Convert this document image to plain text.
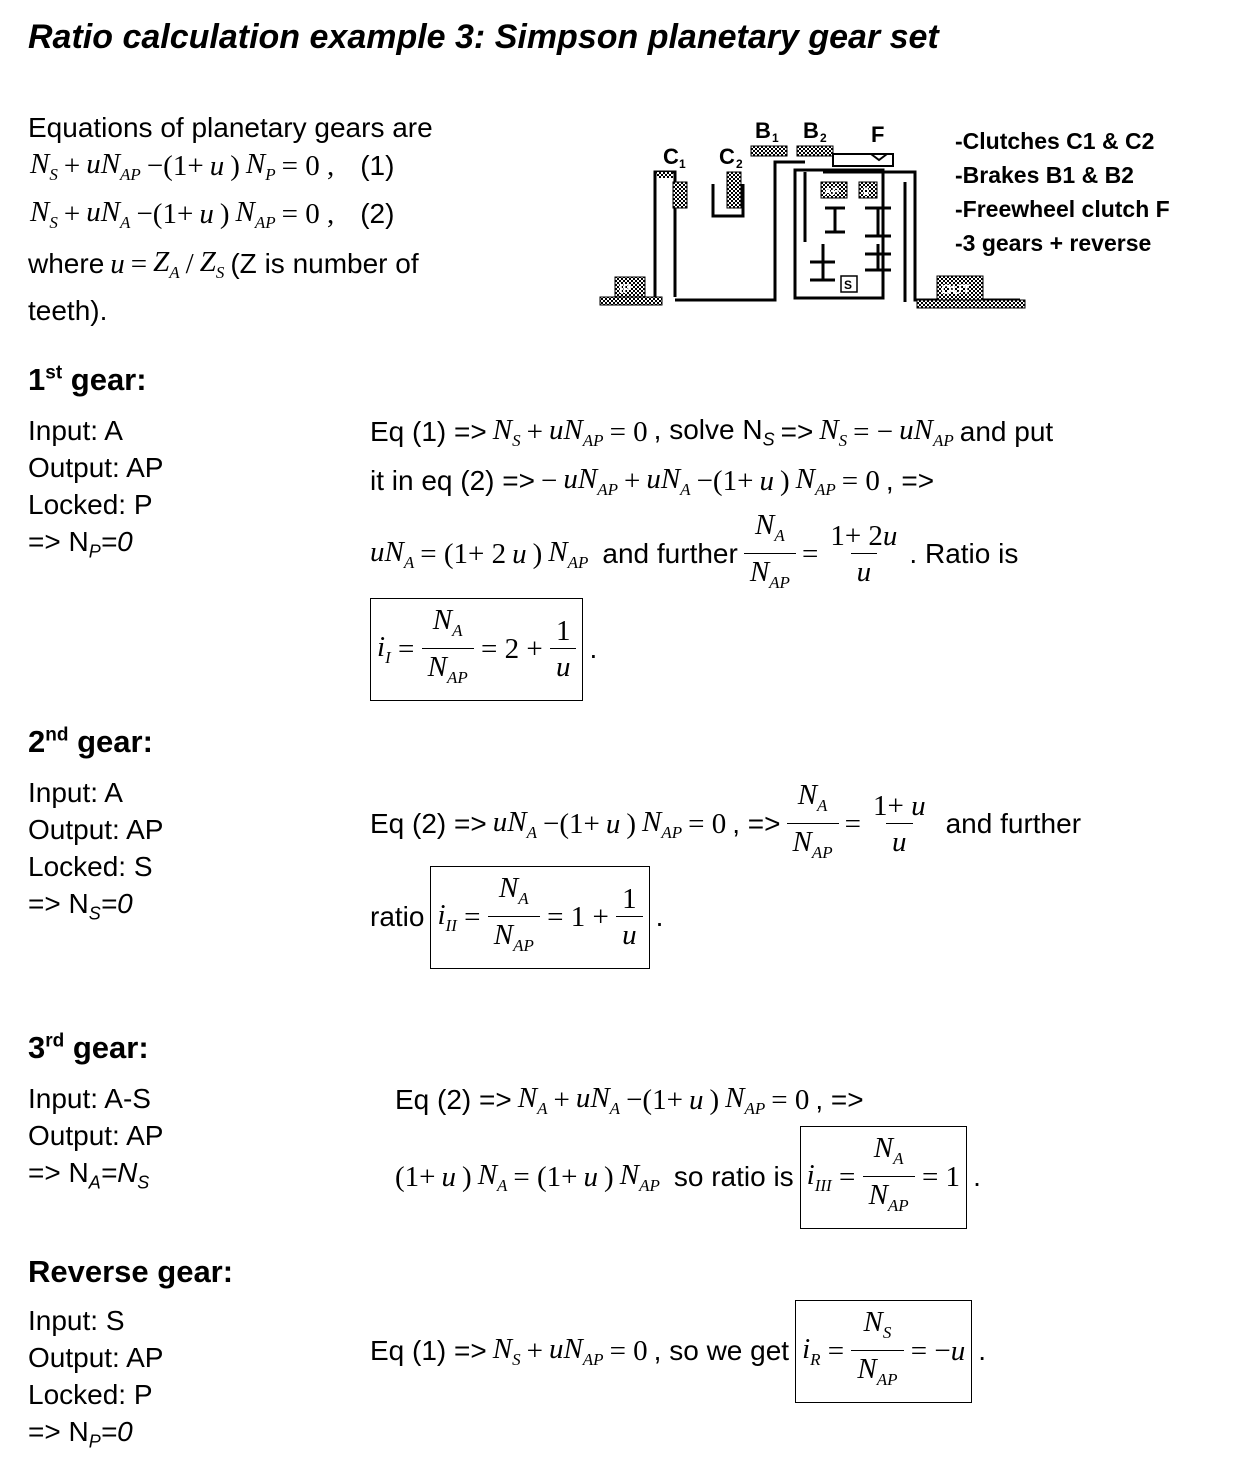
Ratio calculation example 3: Simpson planetary gear set
Equations of planetary gears are
$N_S + uN_{AP} -(1+ u$ ) $N_P = 0$ , (1)
$N_S + uN_A -(1+ u$ ) $N_{AP} = 0$ , (2)
where $u = Z_A / Z_S$ (Z is number of
teeth).
IP
C 1 C 2
B 1 B 2 F
AP 0
S	OUT
-Clutches C1 & C2
-Brakes B1 & B2
-Freewheel clutch F
-3 gears + reverse
1st gear:
Input: A
Output: AP
Locked: P
=> $N_P=0$
Eq $(1) => N_S + uN_{AP} = 0$ , solve $N_S => N_S$ = − $uN_{AP}$ and put
it in eq (2) => − $uN_{AP} + uN_A -(1+ u$ ) $N_{AP} = 0$ , =>
$uN_A = (1+ 2$ u ) $N_{AP}$ and further $\frac{N_A}{N_{AP}} = \frac{1+ 2u}{u}$ . Ratio is
$i_I = \frac{N_A}{N_{AP}} = 2 + \frac{1}{u}$ .
2nd gear:
Input: A
Output: AP
Locked: S
=> $N_S=0$
Eq $(2) => uN_A -(1+ u$ ) $N_{AP} = 0$ , => $\frac{N_A}{N_{AP}} = \frac{1+ u}{u}$ and further
ratio $i_{II} = \frac{N_A}{N_{AP}} = 1 + \frac{1}{u}$ .
3rd gear:
Input: A-S
Output: AP
=> $N_A=N_S$
Eq $(2) => N_A + uN_A -(1+ u$ ) $N_{AP} = 0$ , =>
(1+ u ) $N_A = (1+ u$ ) $N_{AP}$ so ratio is $i_{III} = \frac{N_A}{N_{AP}} = 1$ .
Reverse gear:
Input: S
Output: AP
Locked: P
=> $N_P=0$
Eq $(1) => N_S + uN_{AP} = 0$ , so we get $i_R = \frac{N_S}{N_{AP}}$ = − u .
